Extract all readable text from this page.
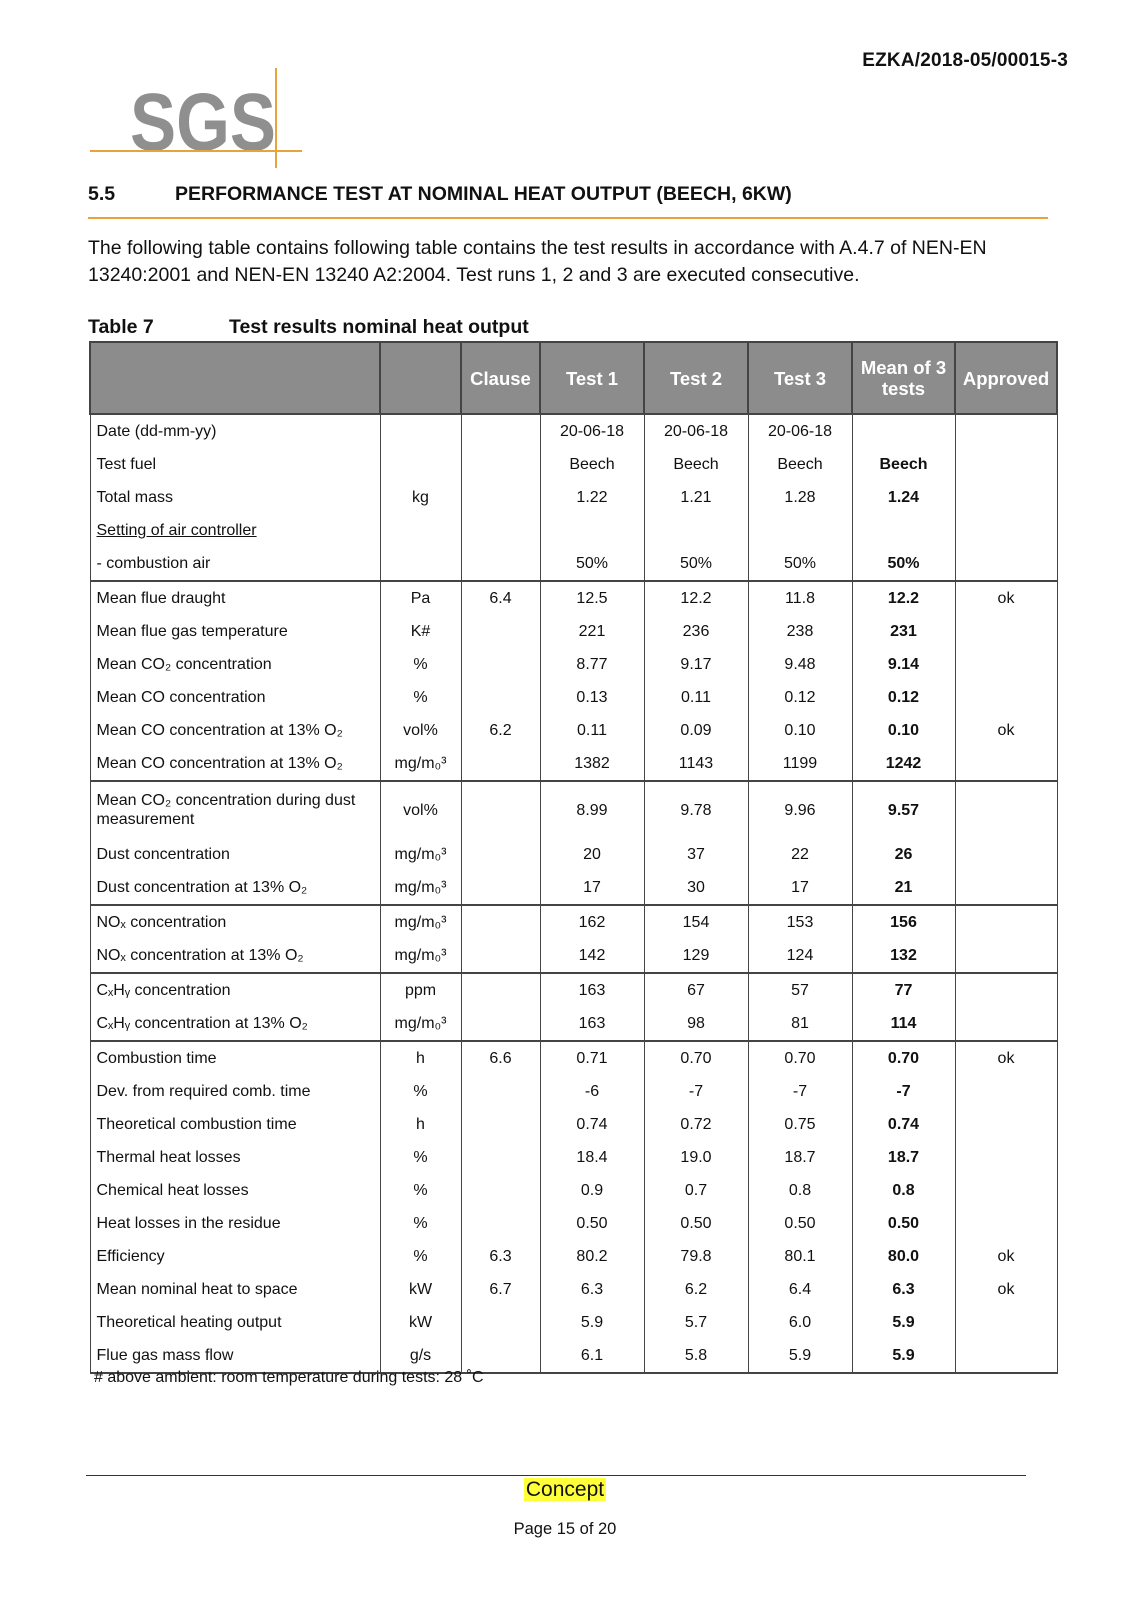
EZKA/2018-05/00015-3
SGS
5.5	PERFORMANCE TEST AT NOMINAL HEAT OUTPUT (BEECH, 6KW)
The following table contains following table contains the test results in accordance with A.4.7 of NEN-EN 13240:2001 and NEN-EN 13240 A2:2004. Test runs 1, 2 and 3 are executed consecutive.
Table 7	Test results nominal heat output
		Clause	Test 1	Test 2	Test 3	Mean of 3 tests	Approved
Date (dd-mm-yy)			20-06-18	20-06-18	20-06-18		
Test fuel			Beech	Beech	Beech	Beech	
Total mass	kg		1.22	1.21	1.28	1.24	
Setting of air controller							
- combustion air			50%	50%	50%	50%	
Mean flue draught	Pa	6.4	12.5	12.2	11.8	12.2	ok
Mean flue gas temperature	K#		221	236	238	231	
Mean CO₂ concentration	%		8.77	9.17	9.48	9.14	
Mean CO concentration	%		0.13	0.11	0.12	0.12	
Mean CO concentration at 13% O₂	vol%	6.2	0.11	0.09	0.10	0.10	ok
Mean CO concentration at 13% O₂	mg/m₀³		1382	1143	1199	1242	
Mean CO₂ concentration during dust measurement	vol%		8.99	9.78	9.96	9.57	
Dust concentration	mg/m₀³		20	37	22	26	
Dust concentration at 13% O₂	mg/m₀³		17	30	17	21	
NOₓ concentration	mg/m₀³		162	154	153	156	
NOₓ concentration at 13% O₂	mg/m₀³		142	129	124	132	
CₓHᵧ concentration	ppm		163	67	57	77	
CₓHᵧ concentration at 13% O₂	mg/m₀³		163	98	81	114	
Combustion time	h	6.6	0.71	0.70	0.70	0.70	ok
Dev. from required comb. time	%		-6	-7	-7	-7	
Theoretical combustion time	h		0.74	0.72	0.75	0.74	
Thermal heat losses	%		18.4	19.0	18.7	18.7	
Chemical heat losses	%		0.9	0.7	0.8	0.8	
Heat losses in the residue	%		0.50	0.50	0.50	0.50	
Efficiency	%	6.3	80.2	79.8	80.1	80.0	ok
Mean nominal heat to space	kW	6.7	6.3	6.2	6.4	6.3	ok
Theoretical heating output	kW		5.9	5.7	6.0	5.9	
Flue gas mass flow	g/s		6.1	5.8	5.9	5.9	
# above ambient: room temperature during tests: 28 ˚C
Concept
Page 15 of 20
